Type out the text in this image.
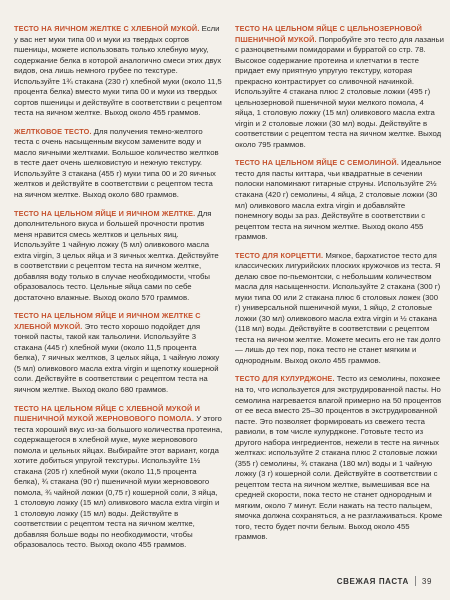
ТЕСТО НА ЯИЧНОМ ЖЕЛТКЕ С ХЛЕБНОЙ МУКОЙ. Если у вас нет муки типа 00 и муки из твердых сортов пшеницы, можете использовать только хлебную муку, содержание белка в которой аналогично смеси этих двух видов, она лишь немного грубее по текстуре. Используйте 1¾ стакана (230 г) хлебной муки (около 11,5 процента белка) вместо муки типа 00 и муки из твердых сортов пшеницы и действуйте в соответствии с рецептом теста на яичном желтке. Выход около 455 граммов.

ЖЕЛТКОВОЕ ТЕСТО. Для получения темно-желтого теста с очень насыщенным вкусом замените воду и масло яичными желтками. Большое количество желтков в тесте дает очень шелковистую и нежную текстуру. Используйте 3 стакана (455 г) муки типа 00 и 20 яичных желтков и действуйте в соответствии с рецептом теста на яичном желтке. Выход около 680 граммов.

ТЕСТО НА ЦЕЛЬНОМ ЯЙЦЕ И ЯИЧНОМ ЖЕЛТКЕ. Для дополнительного вкуса и большей прочности против меня нравится смесь желтков и цельных яиц. Используйте 1 чайную ложку (5 мл) оливкового масла extra virgin, 3 целых яйца и 3 яичных желтка. Действуйте в соответствии с рецептом теста на яичном желтке, добавляя воду только в случае необходимости, чтобы образовалось тесто. Цельные яйца сами по себе достаточно влажные. Выход около 570 граммов.

ТЕСТО НА ЦЕЛЬНОМ ЯЙЦЕ И ЯИЧНОМ ЖЕЛТКЕ С ХЛЕБНОЙ МУКОЙ. Это тесто хорошо подойдет для тонкой пасты, такой как тальолини. Используйте 3 стакана (445 г) хлебной муки (около 11,5 процента белка), 7 яичных желтков, 3 целых яйца, 1 чайную ложку (5 мл) оливкового масла extra virgin и щепотку кошерной соли. Действуйте в соответствии с рецептом теста на яичном желтке. Выход около 680 граммов.

ТЕСТО НА ЦЕЛЬНОМ ЯЙЦЕ С ХЛЕБНОЙ МУКОЙ И ПШЕНИЧНОЙ МУКОЙ ЖЕРНОВОВОГО ПОМОЛА. У этого теста хороший вкус из-за большого количества протеина, содержащегося в хлебной муке, муке жерновового помола и цельных яйцах. Выбирайте этот вариант, когда хотите добиться упругой текстуры. Используйте 1½ стакана (205 г) хлебной муки (около 11,5 процента белка), ¾ стакана (90 г) пшеничной муки жерновового помола, ¾ чайной ложки (0,75 г) кошерной соли, 3 яйца, 1 столовую ложку (15 мл) оливкового масла extra virgin и 1 столовую ложку (15 мл) воды. Действуйте в соответствии с рецептом теста на яичном желтке, добавляя больше воды по необходимости, чтобы образовалось тесто. Выход около 455 граммов.

ТЕСТО НА ЦЕЛЬНОМ ЯЙЦЕ С ЦЕЛЬНОЗЕРНОВОЙ ПШЕНИЧНОЙ МУКОЙ. Попробуйте это тесто для лазаньи с разноцветными помидорами и бурратой со стр. 78. Высокое содержание протеина и клетчатки в тесте придает ему приятную упругую текстуру, которая прекрасно контрастирует со сливочной начинкой. Используйте 4 стакана плюс 2 столовые ложки (495 г) цельнозерновой пшеничной муки мелкого помола, 4 яйца, 1 столовую ложку (15 мл) оливкового масла extra virgin и 2 столовые ложки (30 мл) воды. Действуйте в соответствии с рецептом теста на яичном желтке. Выход около 795 граммов.

ТЕСТО НА ЦЕЛЬНОМ ЯЙЦЕ С СЕМОЛИНОЙ. Идеальное тесто для пасты киттара, чьи квадратные в сечении полоски напоминают гитарные струны. Используйте 2½ стакана (420 г) семолины, 4 яйца, 2 столовые ложки (30 мл) оливкового масла extra virgin и добавляйте понемногу воды за раз. Действуйте в соответствии с рецептом теста на яичном желтке. Выход около 455 граммов.

ТЕСТО ДЛЯ КОРЦЕТТИ. Мягкое, бархатистое тесто для классических лигурийских плоских кружочков из теста. Я делаю свое по-пьемонтски, с небольшим количеством масла для насыщенности. Используйте 2 стакана (300 г) муки типа 00 или 2 стакана плюс 6 столовых ложек (300 г) универсальной пшеничной муки, 1 яйцо, 2 столовые ложки (30 мл) оливкового масла extra virgin и ½ стакана (118 мл) воды. Действуйте в соответствии с рецептом теста на яичном желтке. Можете месить его не так долго — лишь до тех пор, пока тесто не станет мягким и однородным. Выход около 455 граммов.

ТЕСТО ДЛЯ КУЛУРДЖОНЕ. Тесто из семолины, похожее на то, что используется для экструдированной пасты. Но семолина нагревается влагой примерно на 50 процентов от ее веса вместо 25–30 процентов в экструдированной пасте. Это позволяет формировать из свежего теста равиоли, в том числе кулурджоне. Готовьте тесто из другого набора ингредиентов, нежели в тесте на яичных желтках: используйте 2 стакана плюс 2 столовые ложки (355 г) семолины, ¾ стакана (180 мл) воды и 1 чайную ложку (3 г) кошерной соли. Действуйте в соответствии с рецептом теста на яичном желтке, вымешивая все на средней скорости, пока тесто не станет однородным и мягким, около 7 минут. Если нажать на тесто пальцем, ямочка должна сохраняться, а не разглаживаться. Кроме того, тесто будет почти белым. Выход около 455 граммов.

СВЕЖАЯ ПАСТА 39
